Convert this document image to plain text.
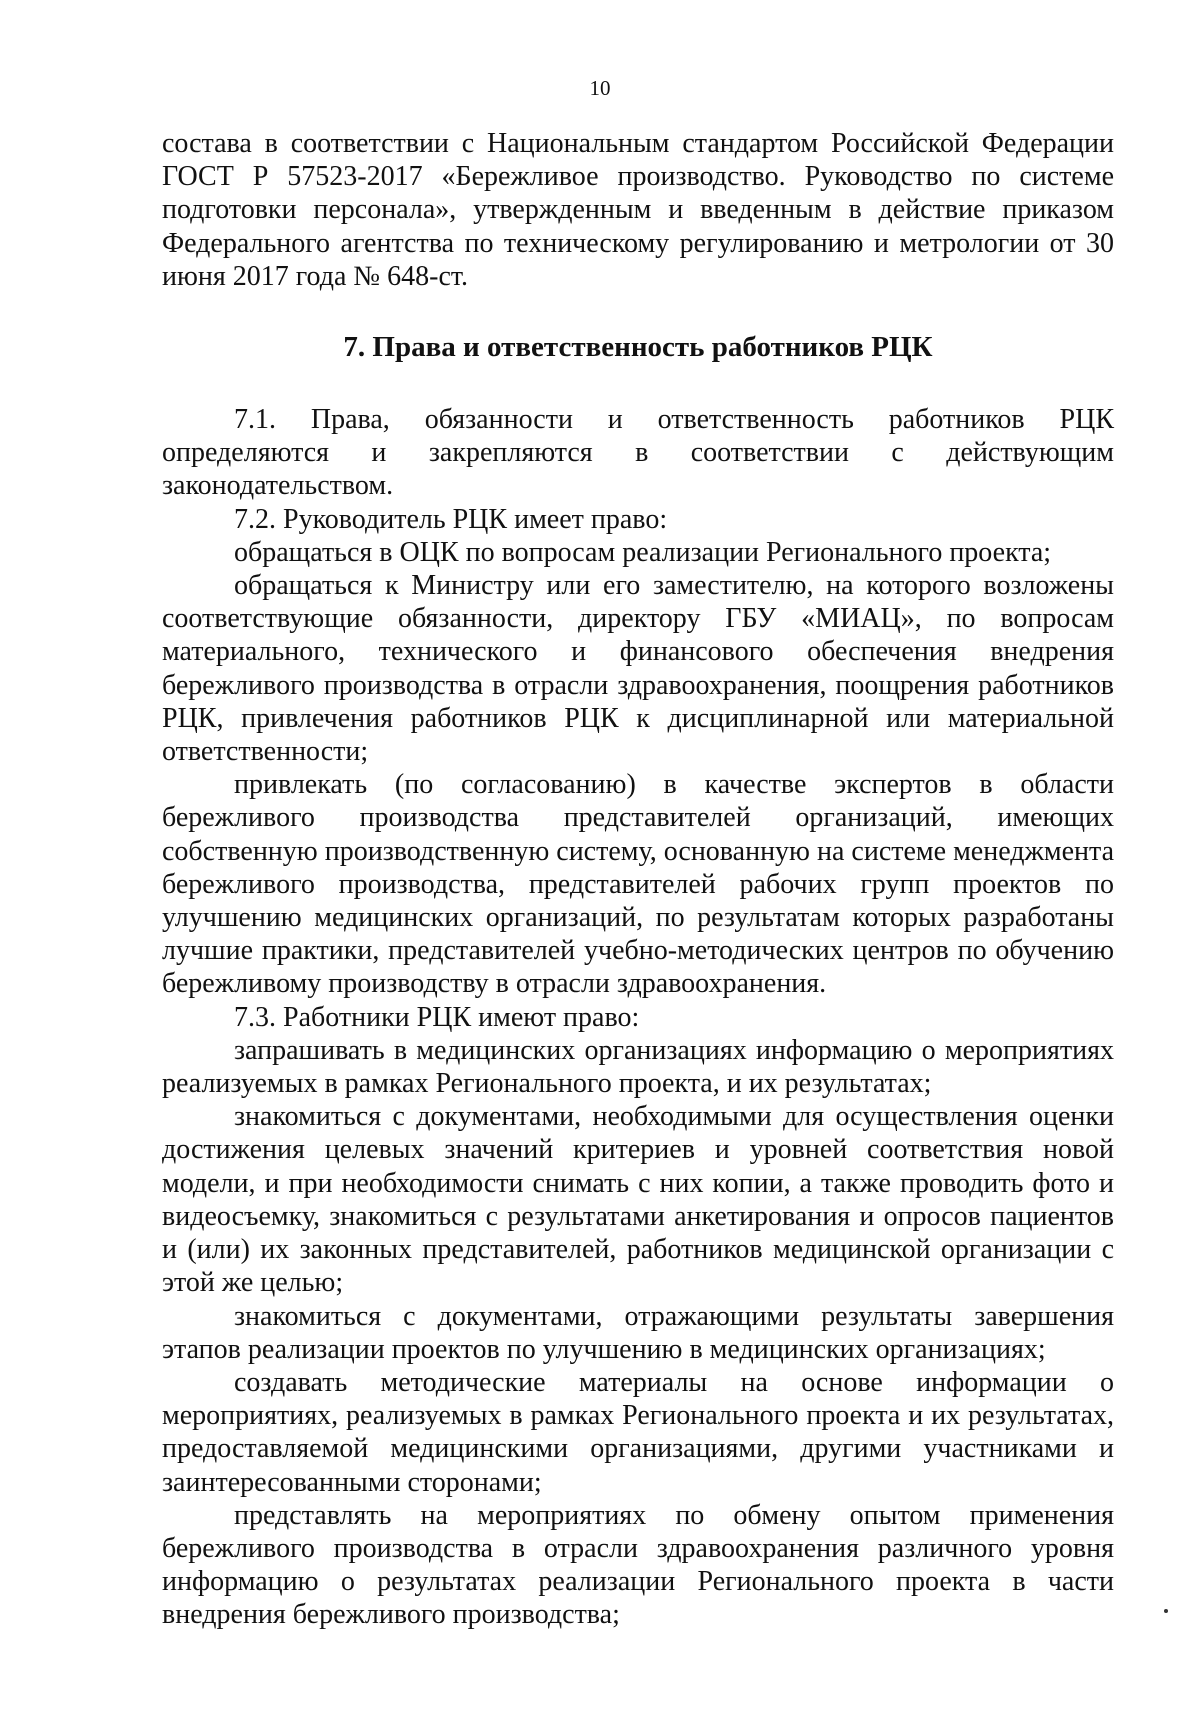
10

состава в соответствии с Национальным стандартом Российской Федерации ГОСТ Р 57523-2017 «Бережливое производство. Руководство по системе подготовки персонала», утвержденным и введенным в действие приказом Федерального агентства по техническому регулированию и метрологии от 30 июня 2017 года № 648-ст.

7. Права и ответственность работников РЦК

7.1. Права, обязанности и ответственность работников РЦК определяются и закрепляются в соответствии с действующим законодательством.

7.2. Руководитель РЦК имеет право:

обращаться в ОЦК по вопросам реализации Регионального проекта;

обращаться к Министру или его заместителю, на которого возложены соответствующие обязанности, директору ГБУ «МИАЦ», по вопросам материального, технического и финансового обеспечения внедрения бережливого производства в отрасли здравоохранения, поощрения работников РЦК, привлечения работников РЦК к дисциплинарной или материальной ответственности;

привлекать (по согласованию) в качестве экспертов в области бережливого производства представителей организаций, имеющих собственную производственную систему, основанную на системе менеджмента бережливого производства, представителей рабочих групп проектов по улучшению медицинских организаций, по результатам которых разработаны лучшие практики, представителей учебно-методических центров по обучению бережливому производству в отрасли здравоохранения.

7.3. Работники РЦК имеют право:

запрашивать в медицинских организациях информацию о мероприятиях реализуемых в рамках Регионального проекта, и их результатах;

знакомиться с документами, необходимыми для осуществления оценки достижения целевых значений критериев и уровней соответствия новой модели, и при необходимости снимать с них копии, а также проводить фото и видеосъемку, знакомиться с результатами анкетирования и опросов пациентов и (или) их законных представителей, работников медицинской организации с этой же целью;

знакомиться с документами, отражающими результаты завершения этапов реализации проектов по улучшению в медицинских организациях;

создавать методические материалы на основе информации о мероприятиях, реализуемых в рамках Регионального проекта и их результатах, предоставляемой медицинскими организациями, другими участниками и заинтересованными сторонами;

представлять на мероприятиях по обмену опытом применения бережливого производства в отрасли здравоохранения различного уровня информацию о результатах реализации Регионального проекта в части внедрения бережливого производства;
